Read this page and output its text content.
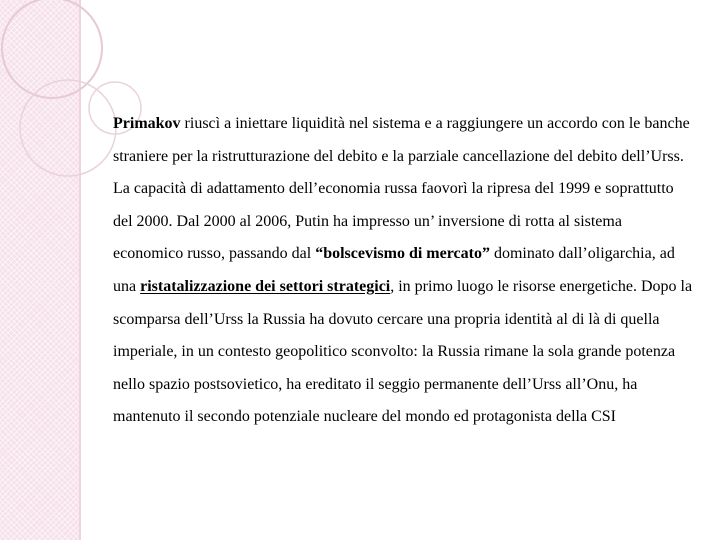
Primakov riuscì a iniettare liquidità nel sistema e a raggiungere un accordo con le banche straniere per la ristrutturazione del debito e la parziale cancellazione del debito dell’Urss. La capacità di adattamento dell’economia russa faovorì la ripresa del 1999 e soprattutto del 2000. Dal 2000 al 2006, Putin ha impresso un’ inversione di rotta al sistema economico russo, passando dal “bolscevismo di mercato” dominato dall’oligarchia, ad una ristatalizzazione dei settori strategici, in primo luogo le risorse energetiche. Dopo la scomparsa dell’Urss la Russia ha dovuto cercare una propria identità al di là di quella imperiale, in un contesto geopolitico sconvolto: la Russia rimane la sola grande potenza nello spazio postsovietico, ha ereditato il seggio permanente dell’Urss all’Onu, ha mantenuto il secondo potenziale nucleare del mondo ed protagonista della CSI
